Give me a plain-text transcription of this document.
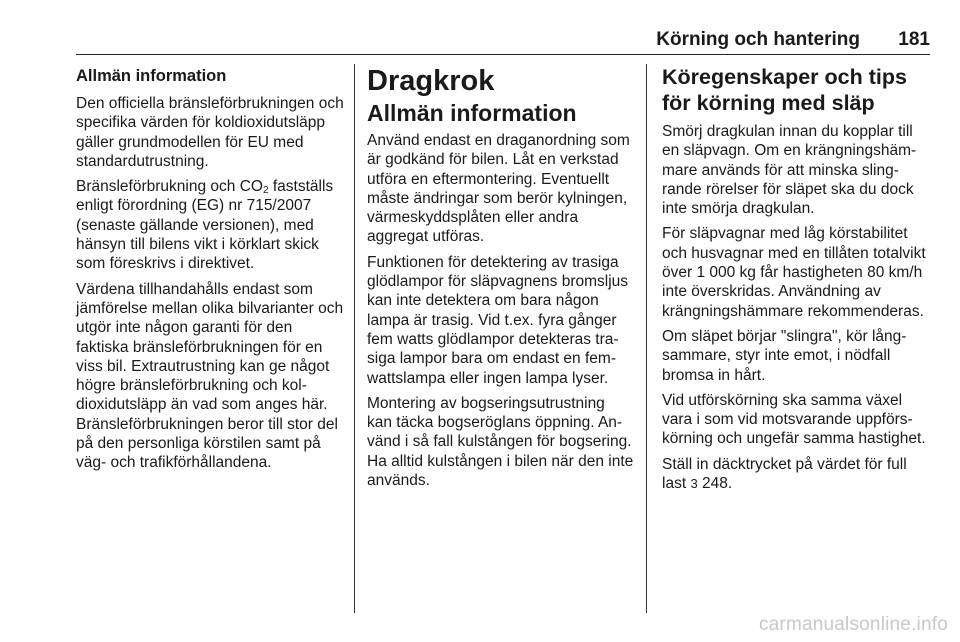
Körning och hantering 181
Allmän information

Den officiella bränsleförbrukningen och specifika värden för koldioxidutsläpp gäller grundmodellen för EU med standardutrustning.

Bränsleförbrukning och $CO_2$ fastställs enligt förordning (EG) nr 715/2007 (senaste gällande versionen), med hänsyn till bilens vikt i körklart skick som föreskrivs i direktivet.

Värdena tillhandahålls endast som jämförelse mellan olika bilvarianter och utgör inte någon garanti för den faktiska bränsleförbrukningen för en viss bil. Extrautrustning kan ge något högre bränsleförbrukning och koldioxidutsläpp än vad som anges här. Bränsleförbrukningen beror till stor del på den personliga körstilen samt på väg- och trafikförhållandena.

Dragkrok
Allmän information

Använd endast en draganordning som är godkänd för bilen. Låt en verkstad utföra en eftermontering. Eventuellt måste ändringar som berör kylningen, värmeskyddsplåten eller andra aggregat utföras.

Funktionen för detektering av trasiga glödlampor för släpvagnens bromsljus kan inte detektera om bara någon lampa är trasig. Vid t.ex. fyra gånger fem watts glödlampor detekteras trasiga lampor bara om endast en femwattslampa eller ingen lampa lyser.

Montering av bogseringsutrustning kan täcka bogseröglans öppning. Använd i så fall kulstången för bogsering. Ha alltid kulstången i bilen när den inte används.

Köregenskaper och tips för körning med släp

Smörj dragkulan innan du kopplar till en släpvagn. Om en krängningshämmare används för att minska slingrande rörelser för släpet ska du dock inte smörja dragkulan.

För släpvagnar med låg körstabilitet och husvagnar med en tillåten totalvikt över 1 000 kg får hastigheten 80 km/h inte överskridas. Användning av krängningshämmare rekommenderas.

Om släpet börjar "slingra", kör långsammare, styr inte emot, i nödfall bromsa in hårt.

Vid utförskörning ska samma växel vara i som vid motsvarande uppförskörning och ungefär samma hastighet.

Ställ in däcktrycket på värdet för full last 3 248.

carmanualsonline.info
